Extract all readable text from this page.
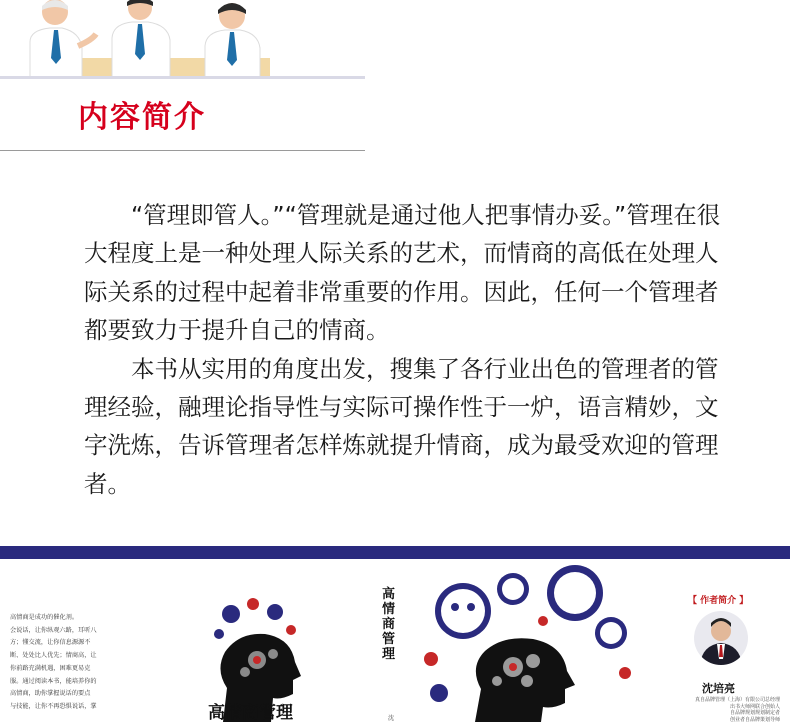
内容简介

“管理即管人。”“管理就是通过他人把事情办妥。”管理在很大程度上是一种处理人际关系的艺术，而情商的高低在处理人际关系的过程中起着非常重要的作用。因此，任何一个管理者都要致力于提升自己的情商。

本书从实用的角度出发，搜集了各行业出色的管理者的管理经验，融理论指导性与实际可操作性于一炉，语言精妙，文字洗炼，告诉管理者怎样炼就提升情商，成为最受欢迎的管理者。

高情商是成功的催化剂。

会说话，让你纵观六路，耳听八

方；懂交流，让你信息源源不

断、处处比人优先；情商高，让

你前路充满机遇，困难更易克

服。通过阅读本书，能培养你的

高情商，助你掌握说话的要点

与技能，让你不再恐惧说话，掌	高情商管理
高情商管理
沈
【 作者简介 】
沈培亮

真自品牌管理（上海）有限公司总经理

出书大师网联合创始人

自品牌规划规划制定者

创业者自品牌策划导师
